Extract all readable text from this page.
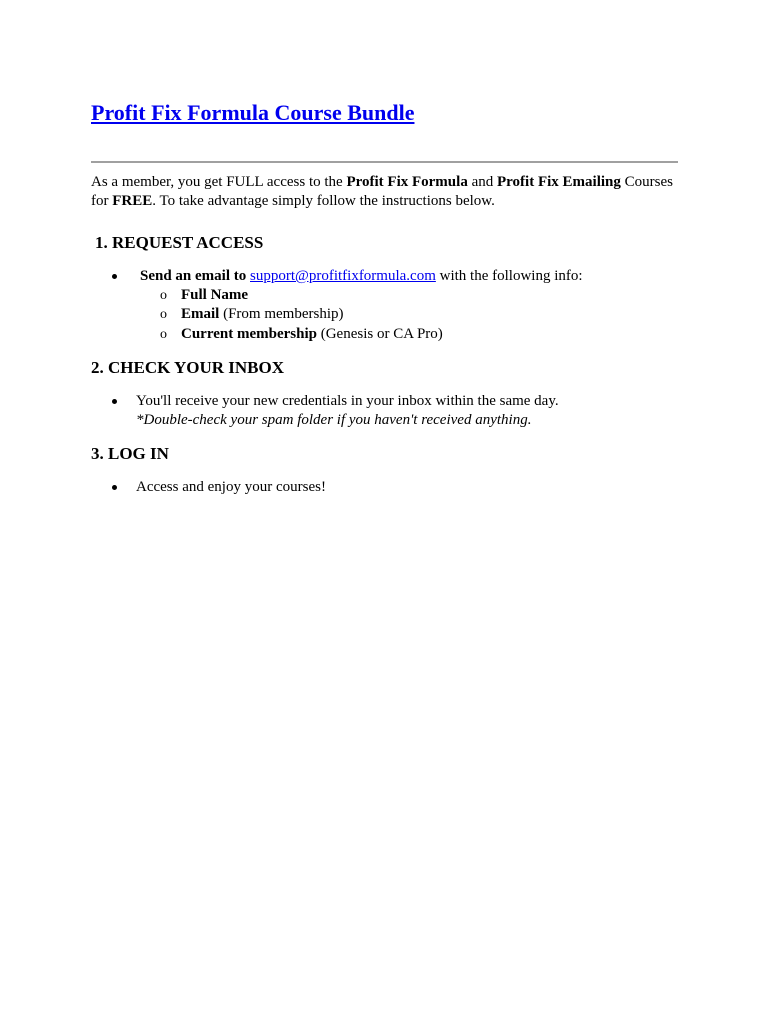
Profit Fix Formula Course Bundle

As a member, you get FULL access to the Profit Fix Formula and Profit Fix Emailing Courses for FREE. To take advantage simply follow the instructions below.

1. REQUEST ACCESS
Send an email to support@profitfixformula.com with the following info:
o Full Name
o Email (From membership)
o Current membership (Genesis or CA Pro)
2. CHECK YOUR INBOX
You'll receive your new credentials in your inbox within the same day.
*Double-check your spam folder if you haven't received anything.
3. LOG IN
Access and enjoy your courses!
